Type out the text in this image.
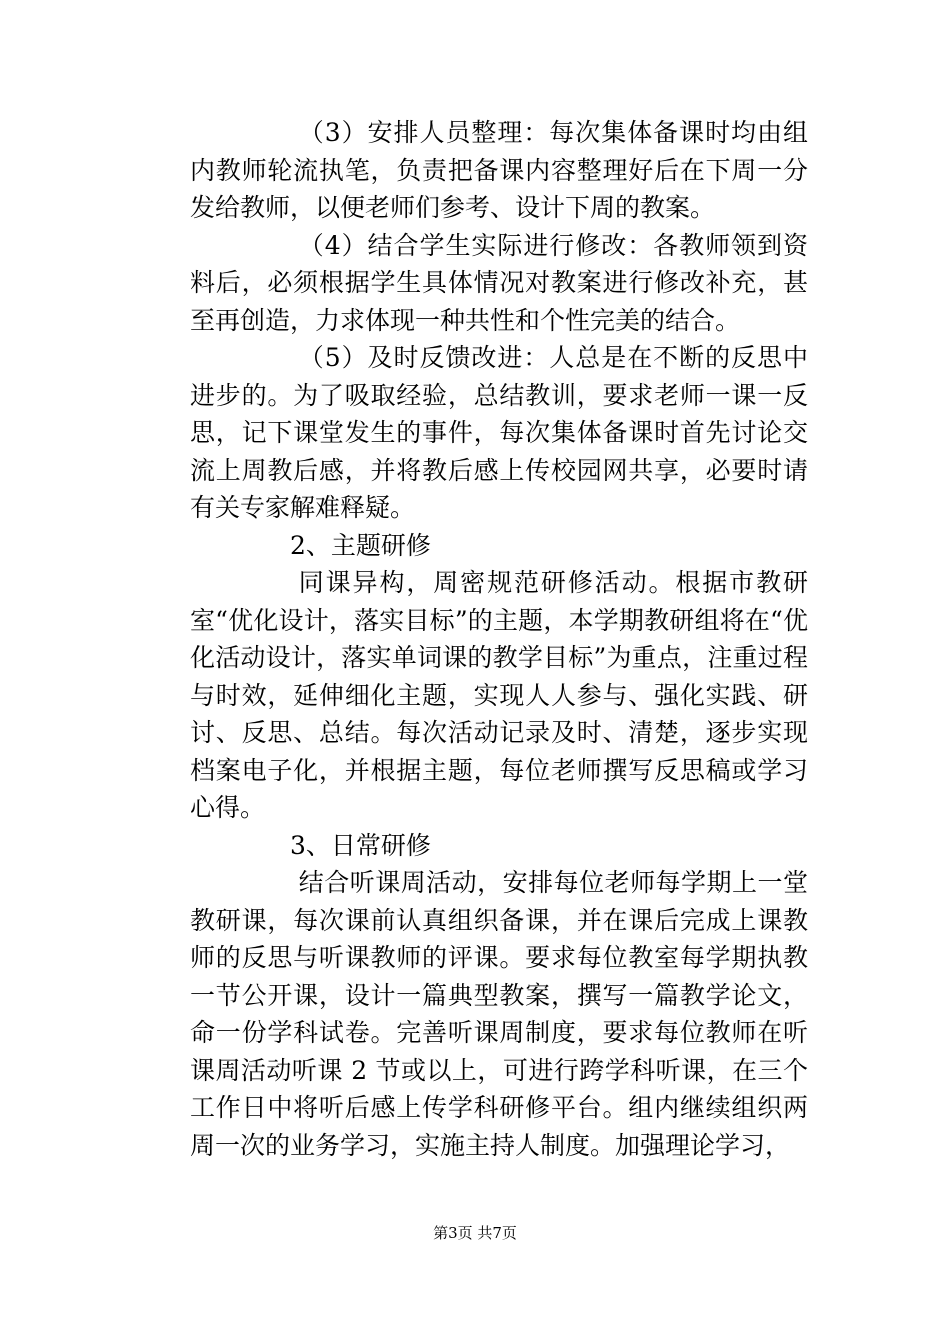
（3）安排人员整理：每次集体备课时均由组内教师轮流执笔，负责把备课内容整理好后在下周一分发给教师，以便老师们参考、设计下周的教案。

（4）结合学生实际进行修改：各教师领到资料后，必须根据学生具体情况对教案进行修改补充，甚至再创造，力求体现一种共性和个性完美的结合。

（5）及时反馈改进：人总是在不断的反思中进步的。为了吸取经验，总结教训，要求老师一课一反思，记下课堂发生的事件，每次集体备课时首先讨论交流上周教后感，并将教后感上传校园网共享，必要时请有关专家解难释疑。

2、主题研修

同课异构，周密规范研修活动。根据市教研室“优化设计，落实目标”的主题，本学期教研组将在“优化活动设计，落实单词课的教学目标”为重点，注重过程与时效，延伸细化主题，实现人人参与、强化实践、研讨、反思、总结。每次活动记录及时、清楚，逐步实现档案电子化，并根据主题，每位老师撰写反思稿或学习心得。

3、日常研修

结合听课周活动，安排每位老师每学期上一堂教研课，每次课前认真组织备课，并在课后完成上课教师的反思与听课教师的评课。要求每位教室每学期执教一节公开课，设计一篇典型教案，撰写一篇教学论文，命一份学科试卷。完善听课周制度，要求每位教师在听课周活动听课 2 节或以上，可进行跨学科听课，在三个工作日中将听后感上传学科研修平台。组内继续组织两周一次的业务学习，实施主持人制度。加强理论学习，

第3页 共7页
